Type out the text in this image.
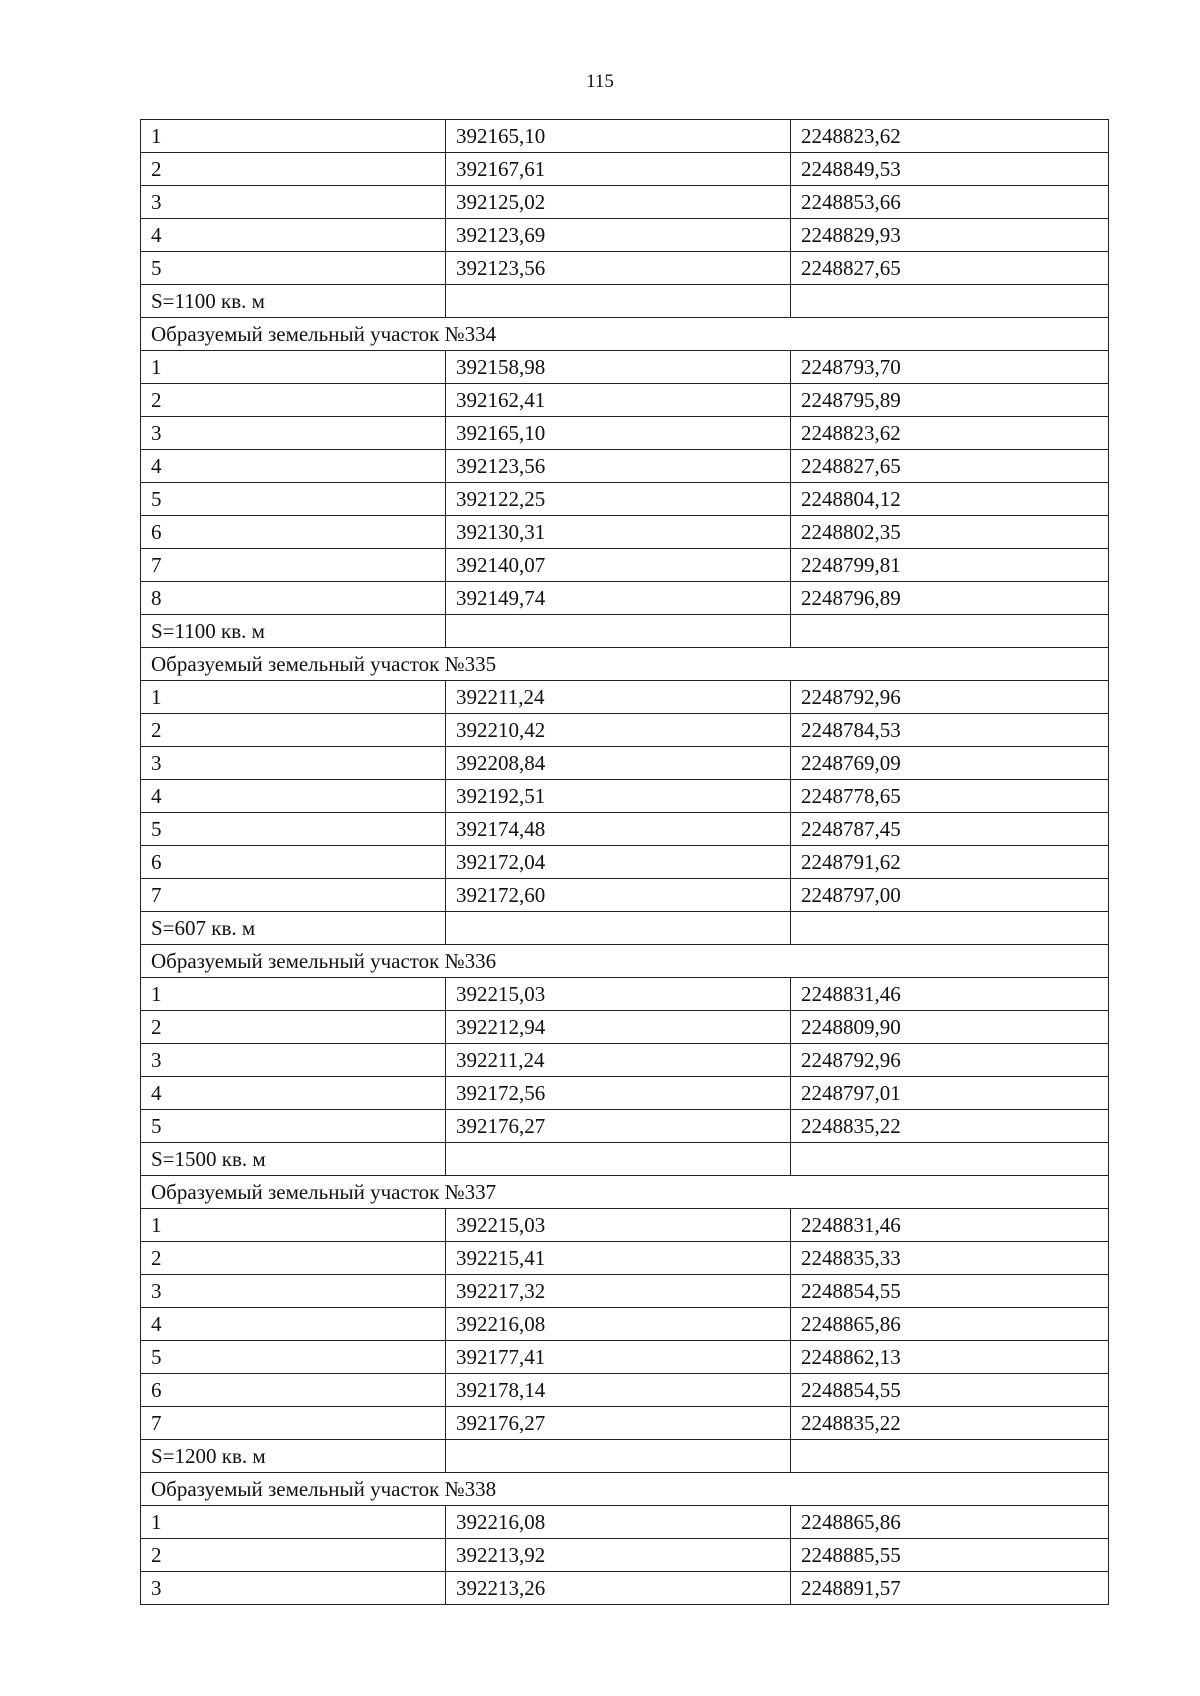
115
1	392165,10	2248823,62
2	392167,61	2248849,53
3	392125,02	2248853,66
4	392123,69	2248829,93
5	392123,56	2248827,65
S=1100 кв. м		
Образуемый земельный участок №334		
1	392158,98	2248793,70
2	392162,41	2248795,89
3	392165,10	2248823,62
4	392123,56	2248827,65
5	392122,25	2248804,12
6	392130,31	2248802,35
7	392140,07	2248799,81
8	392149,74	2248796,89
S=1100 кв. м		
Образуемый земельный участок №335		
1	392211,24	2248792,96
2	392210,42	2248784,53
3	392208,84	2248769,09
4	392192,51	2248778,65
5	392174,48	2248787,45
6	392172,04	2248791,62
7	392172,60	2248797,00
S=607 кв. м		
Образуемый земельный участок №336		
1	392215,03	2248831,46
2	392212,94	2248809,90
3	392211,24	2248792,96
4	392172,56	2248797,01
5	392176,27	2248835,22
S=1500 кв. м		
Образуемый земельный участок №337		
1	392215,03	2248831,46
2	392215,41	2248835,33
3	392217,32	2248854,55
4	392216,08	2248865,86
5	392177,41	2248862,13
6	392178,14	2248854,55
7	392176,27	2248835,22
S=1200 кв. м		
Образуемый земельный участок №338		
1	392216,08	2248865,86
2	392213,92	2248885,55
3	392213,26	2248891,57
